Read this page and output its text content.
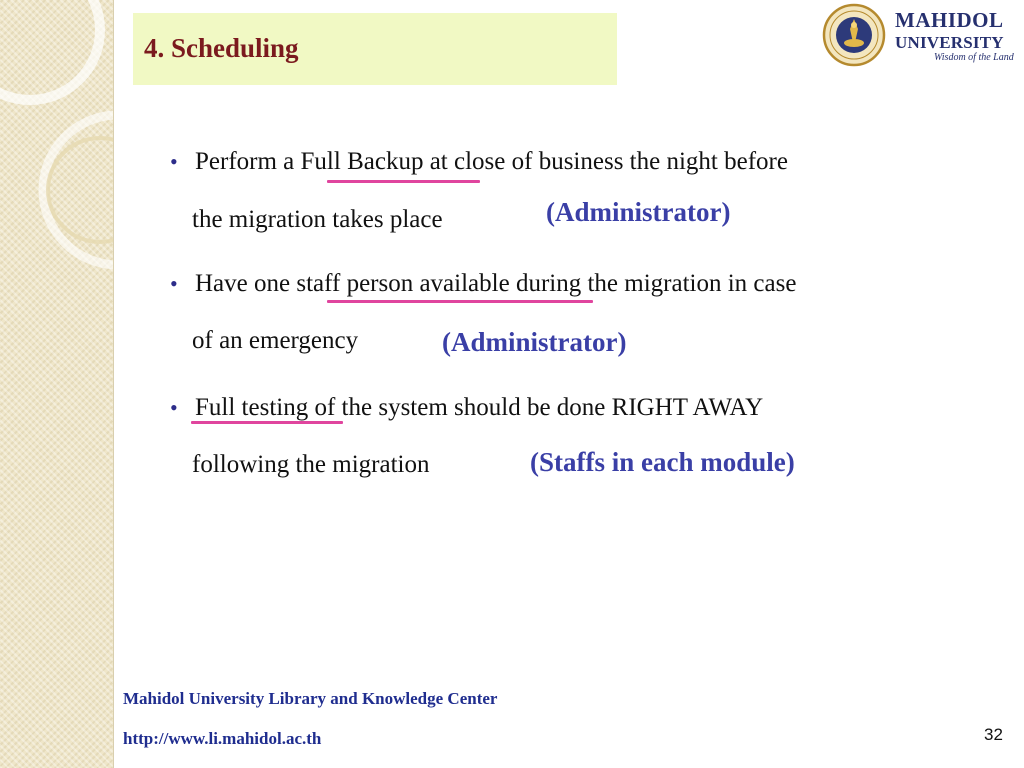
4. Scheduling

MAHIDOL

UNIVERSITY

Wisdom of the Land

• Perform a Full Backup at close of business the night before

the migration takes place	(Administrator)

• Have one staff person available during the migration in case

of an emergency	(Administrator)

• Full testing of the system should be done RIGHT AWAY

following the migration	(Staffs in each module)

Mahidol University Library and Knowledge Center

http://www.li.mahidol.ac.th	32
